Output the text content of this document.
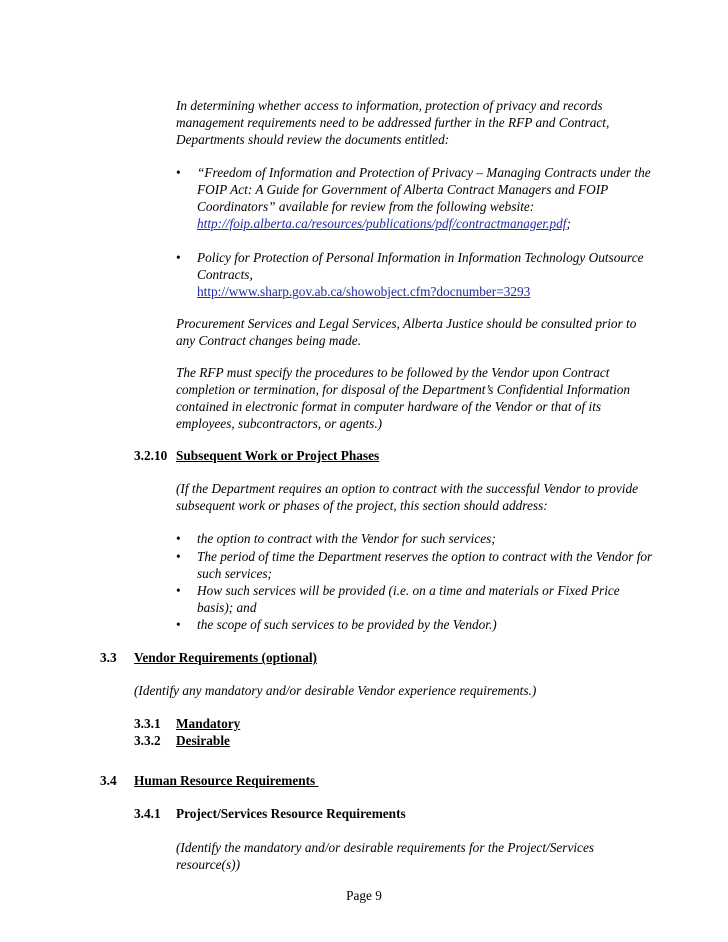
In determining whether access to information, protection of privacy and records management requirements need to be addressed further in the RFP and Contract, Departments should review the documents entitled:

• “Freedom of Information and Protection of Privacy – Managing Contracts under the FOIP Act: A Guide for Government of Alberta Contract Managers and FOIP Coordinators” available for review from the following website: http://foip.alberta.ca/resources/publications/pdf/contractmanager.pdf;
• Policy for Protection of Personal Information in Information Technology Outsource Contracts,
http://www.sharp.gov.ab.ca/showobject.cfm?docnumber=3293

Procurement Services and Legal Services, Alberta Justice should be consulted prior to any Contract changes being made.

The RFP must specify the procedures to be followed by the Vendor upon Contract completion or termination, for disposal of the Department’s Confidential Information contained in electronic format in computer hardware of the Vendor or that of its employees, subcontractors, or agents.)

3.2.10 Subsequent Work or Project Phases

(If the Department requires an option to contract with the successful Vendor to provide subsequent work or phases of the project, this section should address:

• the option to contract with the Vendor for such services;
• The period of time the Department reserves the option to contract with the Vendor for such services;
• How such services will be provided (i.e. on a time and materials or Fixed Price basis); and
• the scope of such services to be provided by the Vendor.)
3.3 Vendor Requirements (optional)

(Identify any mandatory and/or desirable Vendor experience requirements.)

3.3.1 Mandatory
3.3.2 Desirable
3.4 Human Resource Requirements
3.4.1 Project/Services Resource Requirements

(Identify the mandatory and/or desirable requirements for the Project/Services resource(s))

Page 9
